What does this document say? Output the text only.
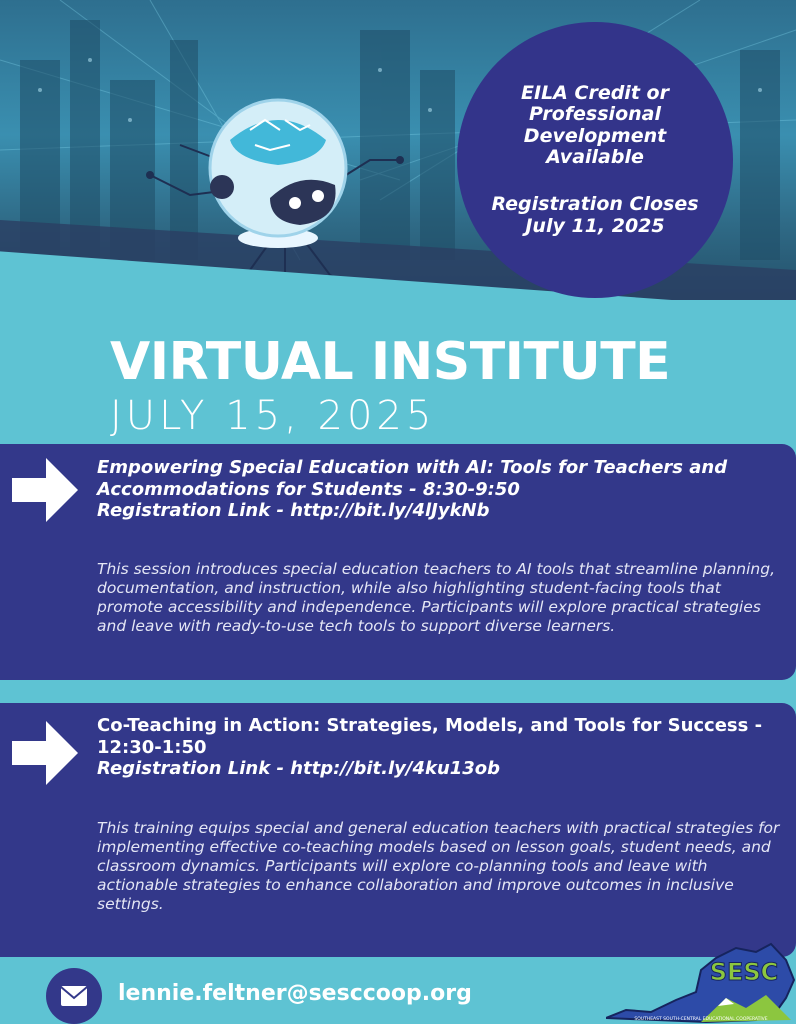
EILA Credit or Professional Development Available
Registration Closes
July 11, 2025
VIRTUAL INSTITUTE
JULY 15, 2025
Empowering Special Education with AI: Tools for Teachers and Accommodations for Students - 8:30-9:50
Registration Link - http://bit.ly/4lJykNb
This session introduces special education teachers to AI tools that streamline planning, documentation, and instruction, while also highlighting student-facing tools that promote accessibility and independence. Participants will explore practical strategies and leave with ready-to-use tech tools to support diverse learners.
Co-Teaching in Action: Strategies, Models, and Tools for Success - 12:30-1:50
Registration Link - http://bit.ly/4ku13ob
This training equips special and general education teachers with practical strategies for implementing effective co-teaching models based on lesson goals, student needs, and classroom dynamics. Participants will explore co-planning tools and leave with actionable strategies to enhance collaboration and improve outcomes in inclusive settings.
lennie.feltner@sesccoop.org
SESC
SOUTHEAST SOUTH-CENTRAL EDUCATIONAL COOPERATIVE
